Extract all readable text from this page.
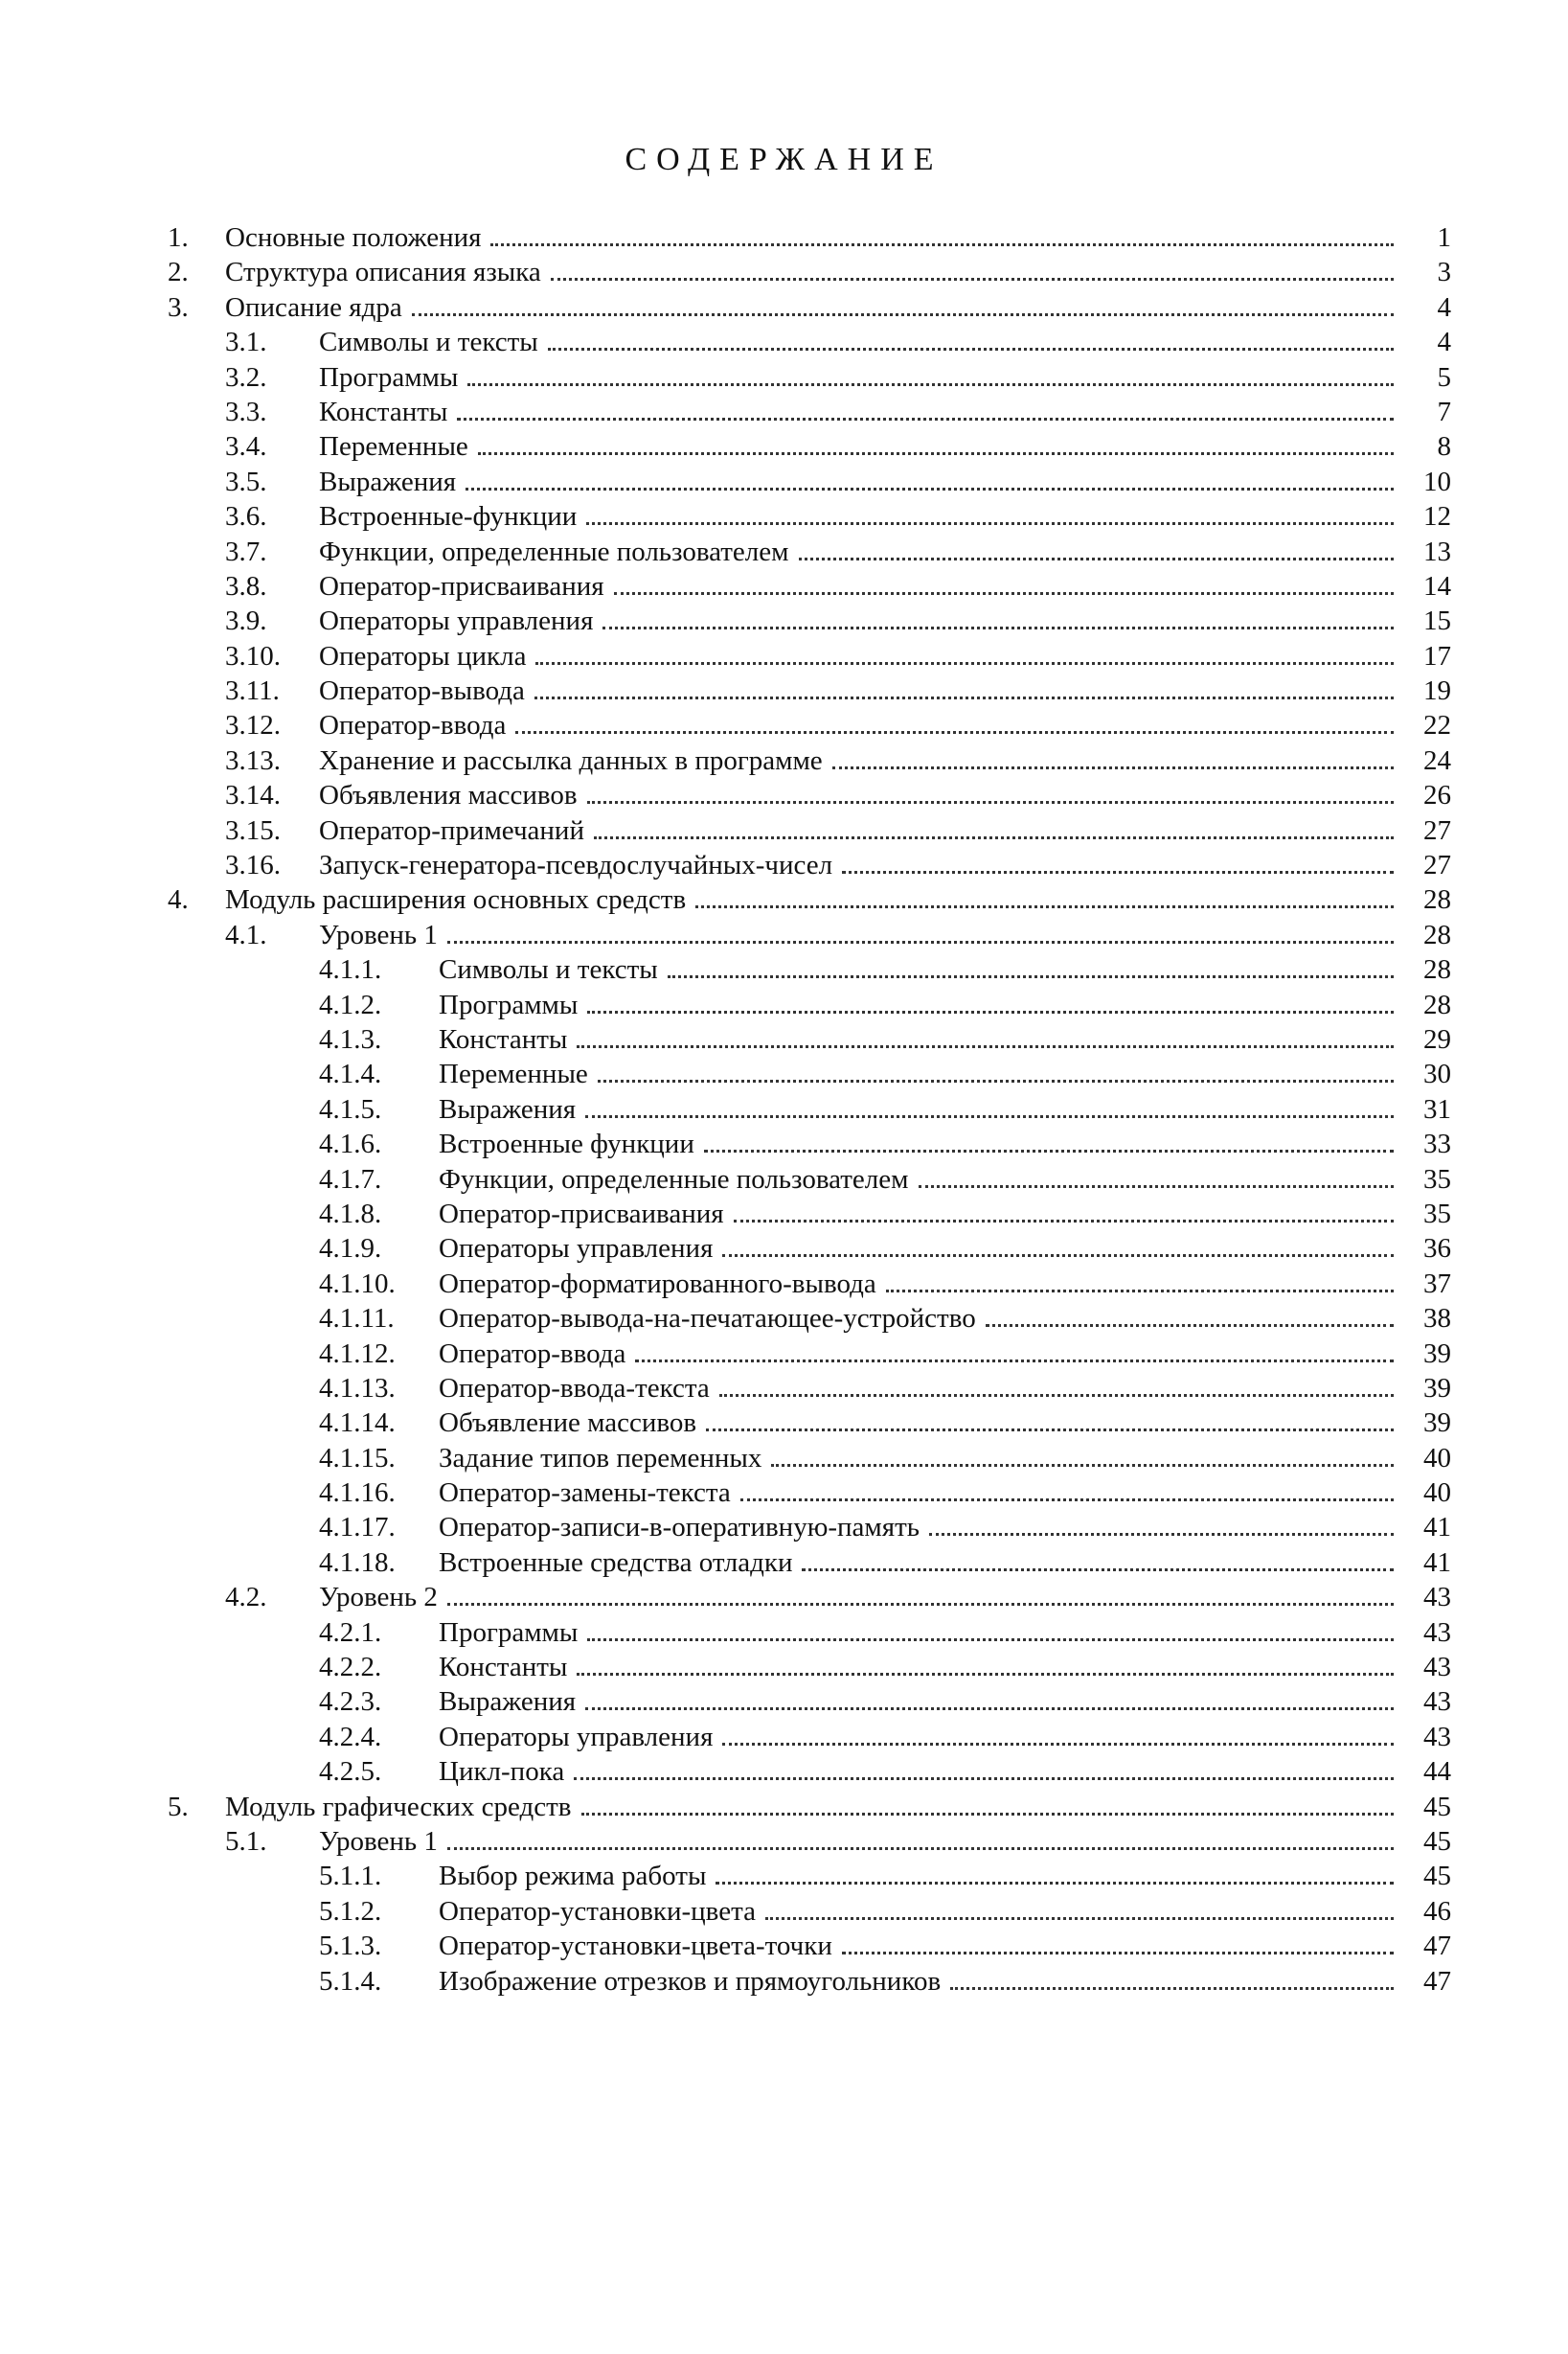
СОДЕРЖАНИЕ
1. Основные положения	1
2. Структура описания языка	3
3. Описание ядра	4
3.1. Символы и тексты	4
3.2. Программы	5
3.3. Константы	7
3.4. Переменные	8
3.5. Выражения	10
3.6. Встроенные-функции	12
3.7. Функции, определенные пользователем	13
3.8. Оператор-присваивания	14
3.9. Операторы управления	15
3.10. Операторы цикла	17
3.11. Оператор-вывода	19
3.12. Оператор-ввода	22
3.13. Хранение и рассылка данных в программе	24
3.14. Объявления массивов	26
3.15. Оператор-примечаний	27
3.16. Запуск-генератора-псевдослучайных-чисел	27
4. Модуль расширения основных средств	28
4.1. Уровень 1	28
4.1.1. Символы и тексты	28
4.1.2. Программы	28
4.1.3. Константы	29
4.1.4. Переменные	30
4.1.5. Выражения	31
4.1.6. Встроенные функции	33
4.1.7. Функции, определенные пользователем	35
4.1.8. Оператор-присваивания	35
4.1.9. Операторы управления	36
4.1.10. Оператор-форматированного-вывода	37
4.1.11. Оператор-вывода-на-печатающее-устройство	38
4.1.12. Оператор-ввода	39
4.1.13. Оператор-ввода-текста	39
4.1.14. Объявление массивов	39
4.1.15. Задание типов переменных	40
4.1.16. Оператор-замены-текста	40
4.1.17. Оператор-записи-в-оперативную-память	41
4.1.18. Встроенные средства отладки	41
4.2. Уровень 2	43
4.2.1. Программы	43
4.2.2. Константы	43
4.2.3. Выражения	43
4.2.4. Операторы управления	43
4.2.5. Цикл-пока	44
5. Модуль графических средств	45
5.1. Уровень 1	45
5.1.1. Выбор режима работы	45
5.1.2. Оператор-установки-цвета	46
5.1.3. Оператор-установки-цвета-точки	47
5.1.4. Изображение отрезков и прямоугольников	47
